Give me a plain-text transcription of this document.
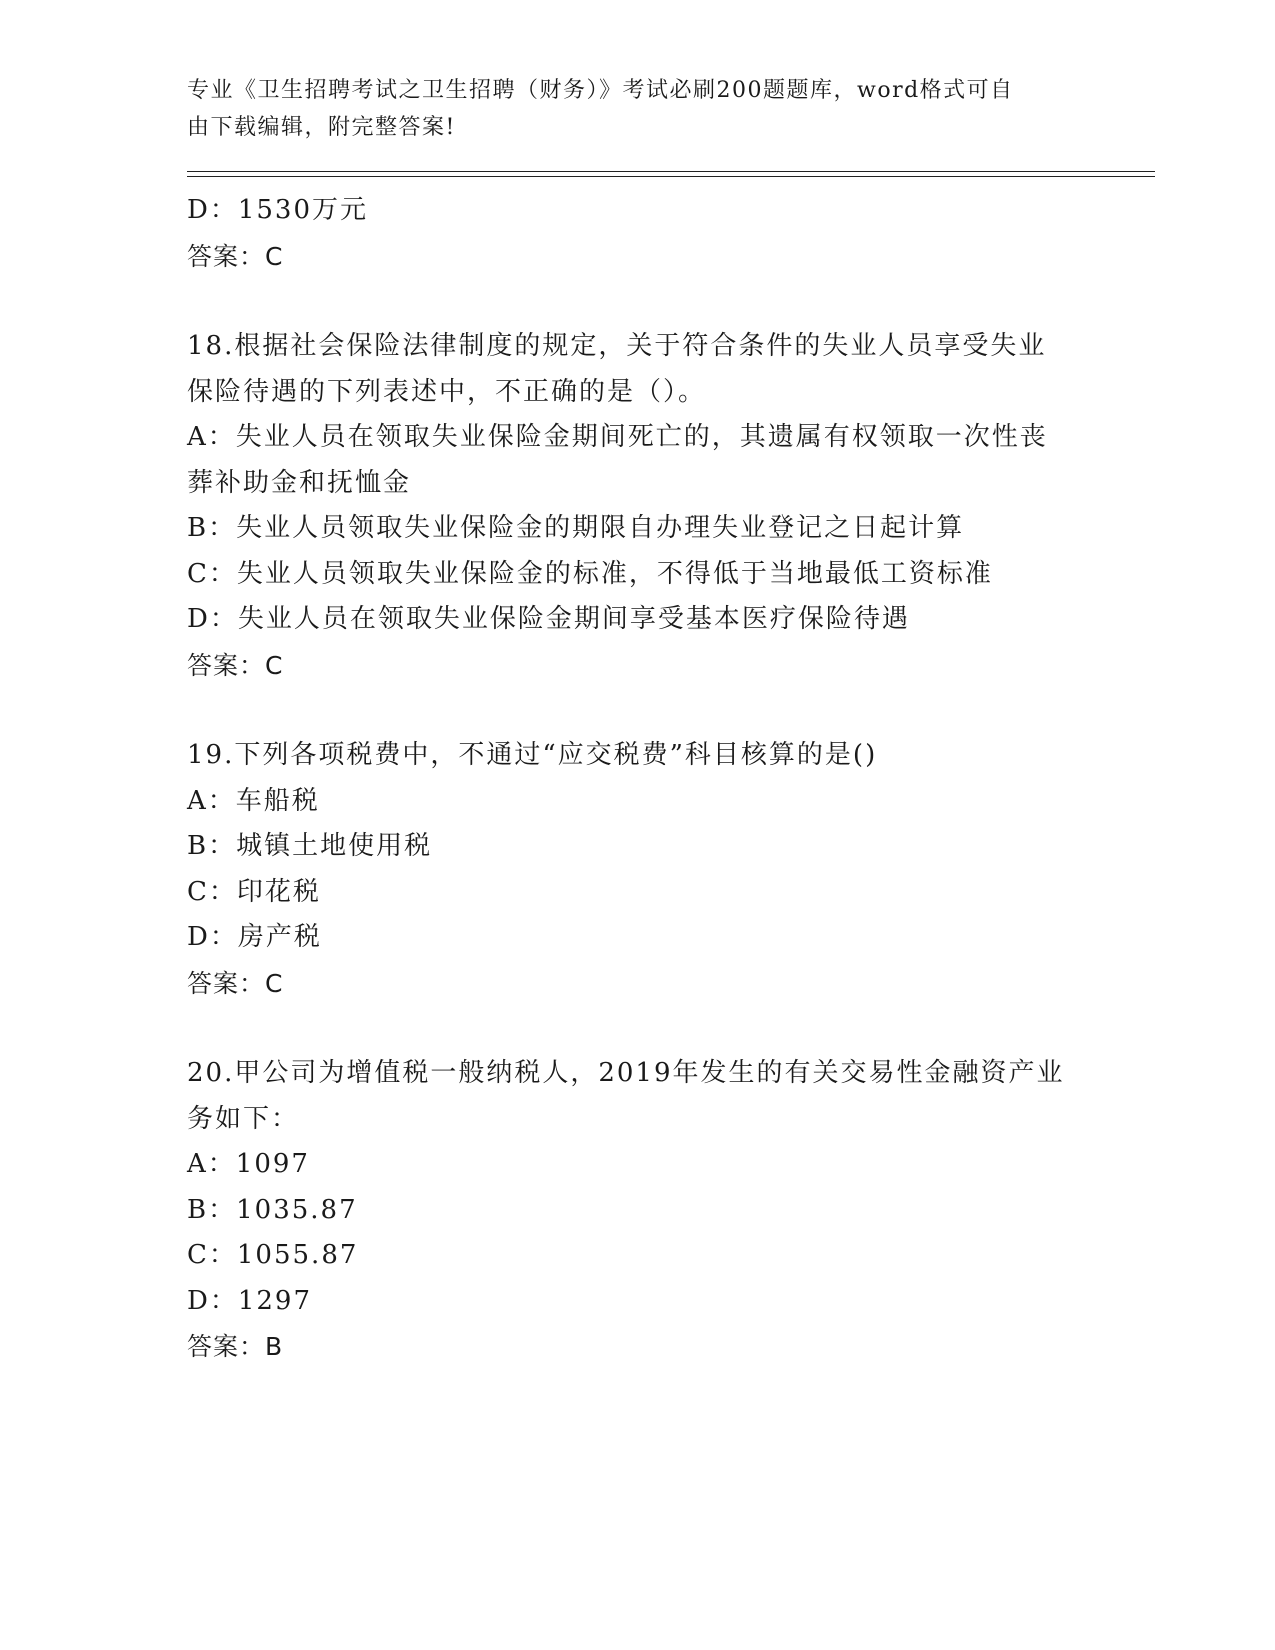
专业《卫生招聘考试之卫生招聘（财务）》考试必刷200题题库，word格式可自
由下载编辑，附完整答案!
D：1530万元
答案：C
18.根据社会保险法律制度的规定，关于符合条件的失业人员享受失业
保险待遇的下列表述中，不正确的是（）。
A：失业人员在领取失业保险金期间死亡的，其遗属有权领取一次性丧
葬补助金和抚恤金
B：失业人员领取失业保险金的期限自办理失业登记之日起计算
C：失业人员领取失业保险金的标准，不得低于当地最低工资标准
D：失业人员在领取失业保险金期间享受基本医疗保险待遇
答案：C
19.下列各项税费中，不通过“应交税费”科目核算的是()
A：车船税
B：城镇土地使用税
C：印花税
D：房产税
答案：C
20.甲公司为增值税一般纳税人，2019年发生的有关交易性金融资产业
务如下：
A：1097
B：1035.87
C：1055.87
D：1297
答案：B
